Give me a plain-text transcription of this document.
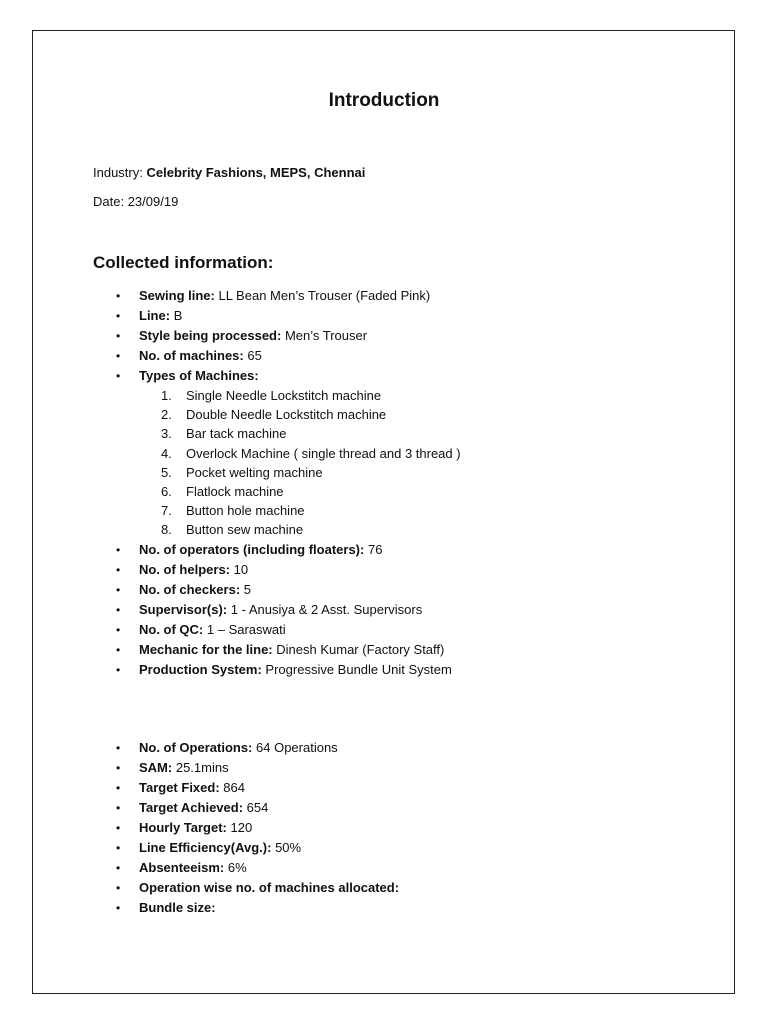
Introduction
Industry: Celebrity Fashions, MEPS, Chennai
Date: 23/09/19
Collected information:
• Sewing line: LL Bean Men’s Trouser (Faded Pink)
• Line: B
• Style being processed: Men’s Trouser
• No. of machines: 65
• Types of Machines:
1. Single Needle Lockstitch machine
2. Double Needle Lockstitch machine
3. Bar tack machine
4. Overlock Machine ( single thread and 3 thread )
5. Pocket welting machine
6. Flatlock machine
7. Button hole machine
8. Button sew machine
• No. of operators (including floaters): 76
• No. of helpers: 10
• No. of checkers: 5
• Supervisor(s): 1 - Anusiya & 2 Asst. Supervisors
• No. of QC: 1 – Saraswati
• Mechanic for the line: Dinesh Kumar (Factory Staff)
• Production System: Progressive Bundle Unit System
• No. of Operations: 64 Operations
• SAM: 25.1mins
• Target Fixed: 864
• Target Achieved: 654
• Hourly Target: 120
• Line Efficiency(Avg.): 50%
• Absenteeism: 6%
• Operation wise no. of machines allocated:
• Bundle size:
